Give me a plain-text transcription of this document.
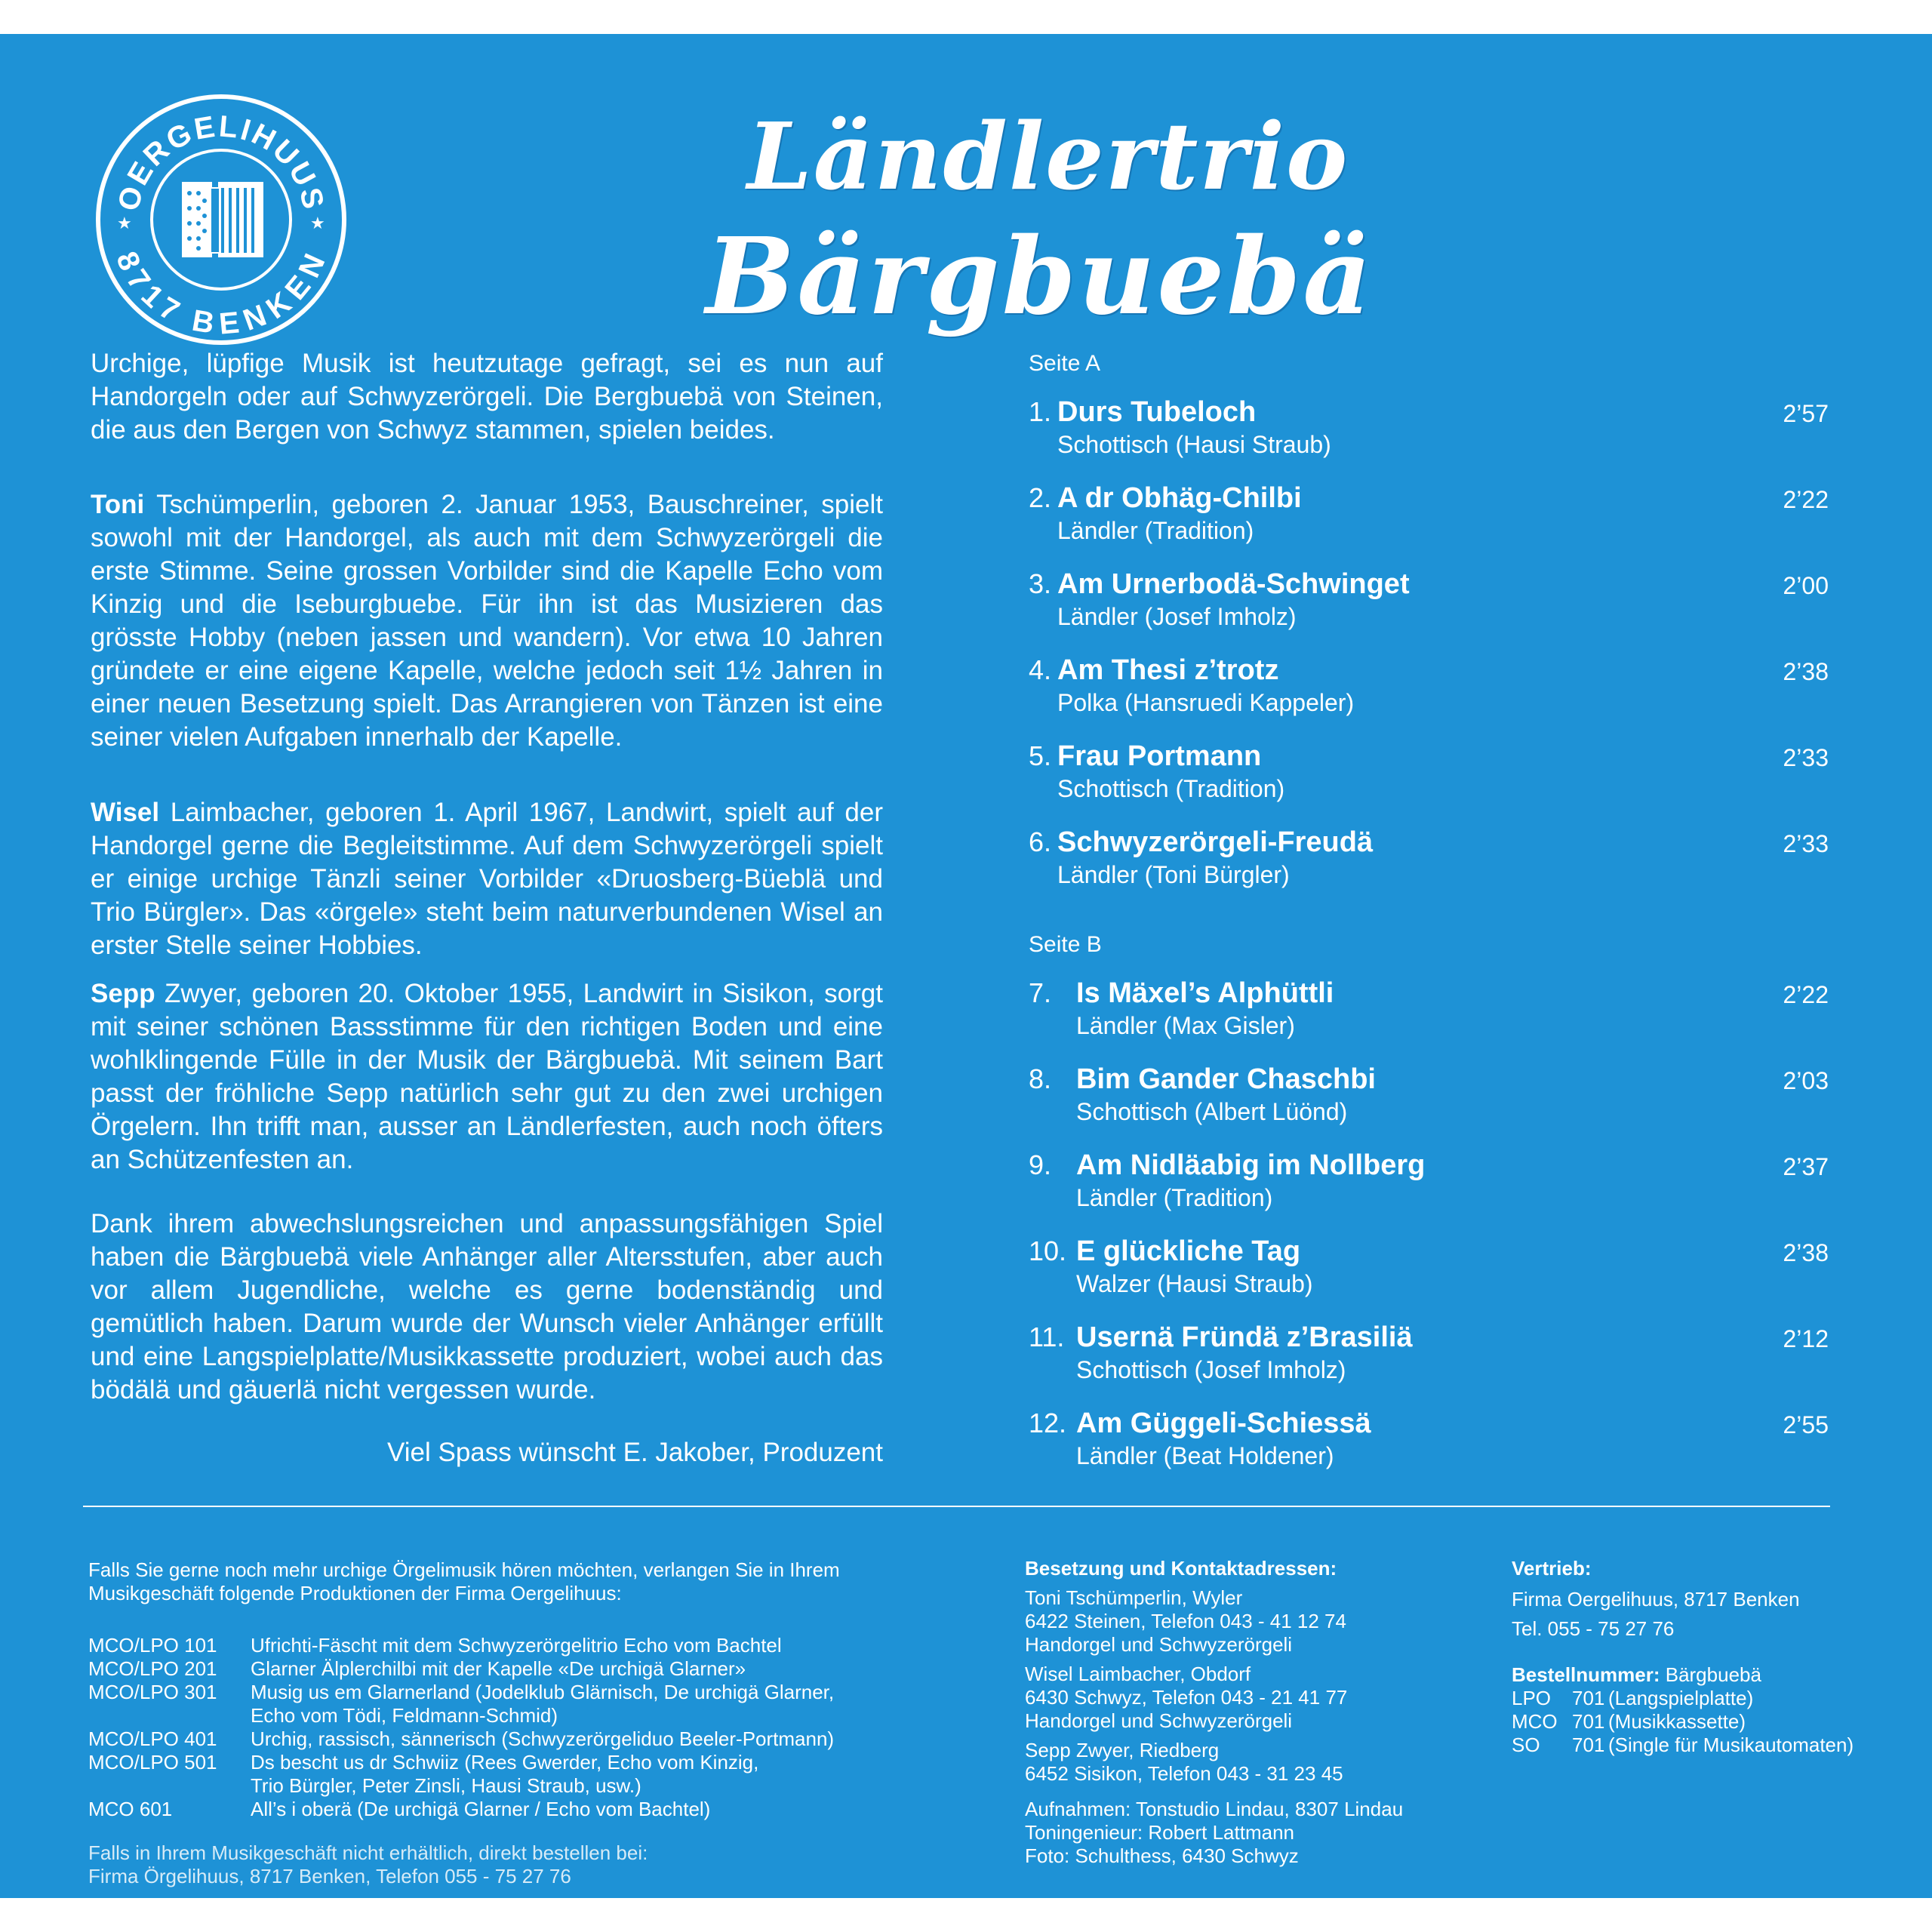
OERGELIHUUS
8717 BENKEN
★	★
Ländlertrio
Bärgbuebä
Urchige, lüpfige Musik ist heutzutage gefragt, sei es nun auf Handorgeln oder auf Schwyzerörgeli. Die Bergbuebä von Steinen, die aus den Bergen von Schwyz stammen, spielen beides.
Toni Tschümperlin, geboren 2. Januar 1953, Bauschreiner, spielt sowohl mit der Handorgel, als auch mit dem Schwyzerörgeli die erste Stimme. Seine grossen Vorbilder sind die Kapelle Echo vom Kinzig und die Iseburgbuebe. Für ihn ist das Musizieren das grösste Hobby (neben jassen und wandern). Vor etwa 10 Jahren gründete er eine eigene Kapelle, welche jedoch seit 1½ Jahren in einer neuen Besetzung spielt. Das Arrangieren von Tänzen ist eine seiner vielen Aufgaben innerhalb der Kapelle.
Wisel Laimbacher, geboren 1. April 1967, Landwirt, spielt auf der Handorgel gerne die Begleitstimme. Auf dem Schwyzerörgeli spielt er einige urchige Tänzli seiner Vorbilder «Druosberg-Büeblä und Trio Bürgler». Das «örgele» steht beim naturverbundenen Wisel an erster Stelle seiner Hobbies.
Sepp Zwyer, geboren 20. Oktober 1955, Landwirt in Sisikon, sorgt mit seiner schönen Bassstimme für den richtigen Boden und eine wohlklingende Fülle in der Musik der Bärgbuebä. Mit seinem Bart passt der fröhliche Sepp natürlich sehr gut zu den zwei urchigen Örgelern. Ihn trifft man, ausser an Ländlerfesten, auch noch öfters an Schützenfesten an.
Dank ihrem abwechslungsreichen und anpassungsfähigen Spiel haben die Bärgbuebä viele Anhänger aller Altersstufen, aber auch vor allem Jugendliche, welche es gerne bodenständig und gemütlich haben. Darum wurde der Wunsch vieler Anhänger erfüllt und eine Langspielplatte/Musikkassette produziert, wobei auch das bödälä und gäuerlä nicht vergessen wurde.
Viel Spass wünscht E. Jakober, Produzent
Seite A
Seite B
Falls Sie gerne noch mehr urchige Örgelimusik hören möchten, verlangen Sie in Ihrem
Musikgeschäft folgende Produktionen der Firma Oergelihuus:
Falls in Ihrem Musikgeschäft nicht erhältlich, direkt bestellen bei:
Firma Örgelihuus, 8717 Benken, Telefon 055 - 75 27 76
Besetzung und Kontaktadressen:
Toni Tschümperlin, Wyler
6422 Steinen, Telefon 043 - 41 12 74
Handorgel und Schwyzerörgeli
Wisel Laimbacher, Obdorf
6430 Schwyz, Telefon 043 - 21 41 77
Handorgel und Schwyzerörgeli
Sepp Zwyer, Riedberg
6452 Sisikon, Telefon 043 - 31 23 45
Aufnahmen: Tonstudio Lindau, 8307 Lindau
Toningenieur: Robert Lattmann
Foto: Schulthess, 6430 Schwyz
Vertrieb:
Firma Oergelihuus, 8717 Benken
Tel. 055 - 75 27 76
Bestellnummer: Bärgbuebä
LPO 701 (Langspielplatte)
MCO 701 (Musikkassette)
SO 701 (Single für Musikautomaten)
1. Durs Tubeloch
Schottisch (Hausi Straub)
2’57
2. A dr Obhäg-Chilbi
Ländler (Tradition)
2’22
3. Am Urnerbodä-Schwinget
Ländler (Josef Imholz)
2’00
4. Am Thesi z’trotz
Polka (Hansruedi Kappeler)
2’38
5. Frau Portmann
Schottisch (Tradition)
2’33
6. Schwyzerörgeli-Freudä
Ländler (Toni Bürgler)
2’33
7. Is Mäxel’s Alphüttli
Ländler (Max Gisler)
2’22
8. Bim Gander Chaschbi
Schottisch (Albert Lüönd)
2’03
9. Am Nidläabig im Nollberg
Ländler (Tradition)
2’37
10. E glückliche Tag
Walzer (Hausi Straub)
2’38
11. Usernä Fründä z’Brasiliä
Schottisch (Josef Imholz)
2’12
12. Am Güggeli-Schiessä
Ländler (Beat Holdener)
2’55
MCO/LPO 101	Ufrichti-Fäscht mit dem Schwyzerörgelitrio Echo vom Bachtel
MCO/LPO 201	Glarner Älplerchilbi mit der Kapelle «De urchigä Glarner»
MCO/LPO 301	Musig us em Glarnerland (Jodelklub Glärnisch, De urchigä Glarner,
Echo vom Tödi, Feldmann-Schmid)
MCO/LPO 401	Urchig, rassisch, sännerisch (Schwyzerörgeliduo Beeler-Portmann)
MCO/LPO 501	Ds bescht us dr Schwiiz (Rees Gwerder, Echo vom Kinzig,
Trio Bürgler, Peter Zinsli, Hausi Straub, usw.)
MCO 601	All’s i oberä (De urchigä Glarner / Echo vom Bachtel)
